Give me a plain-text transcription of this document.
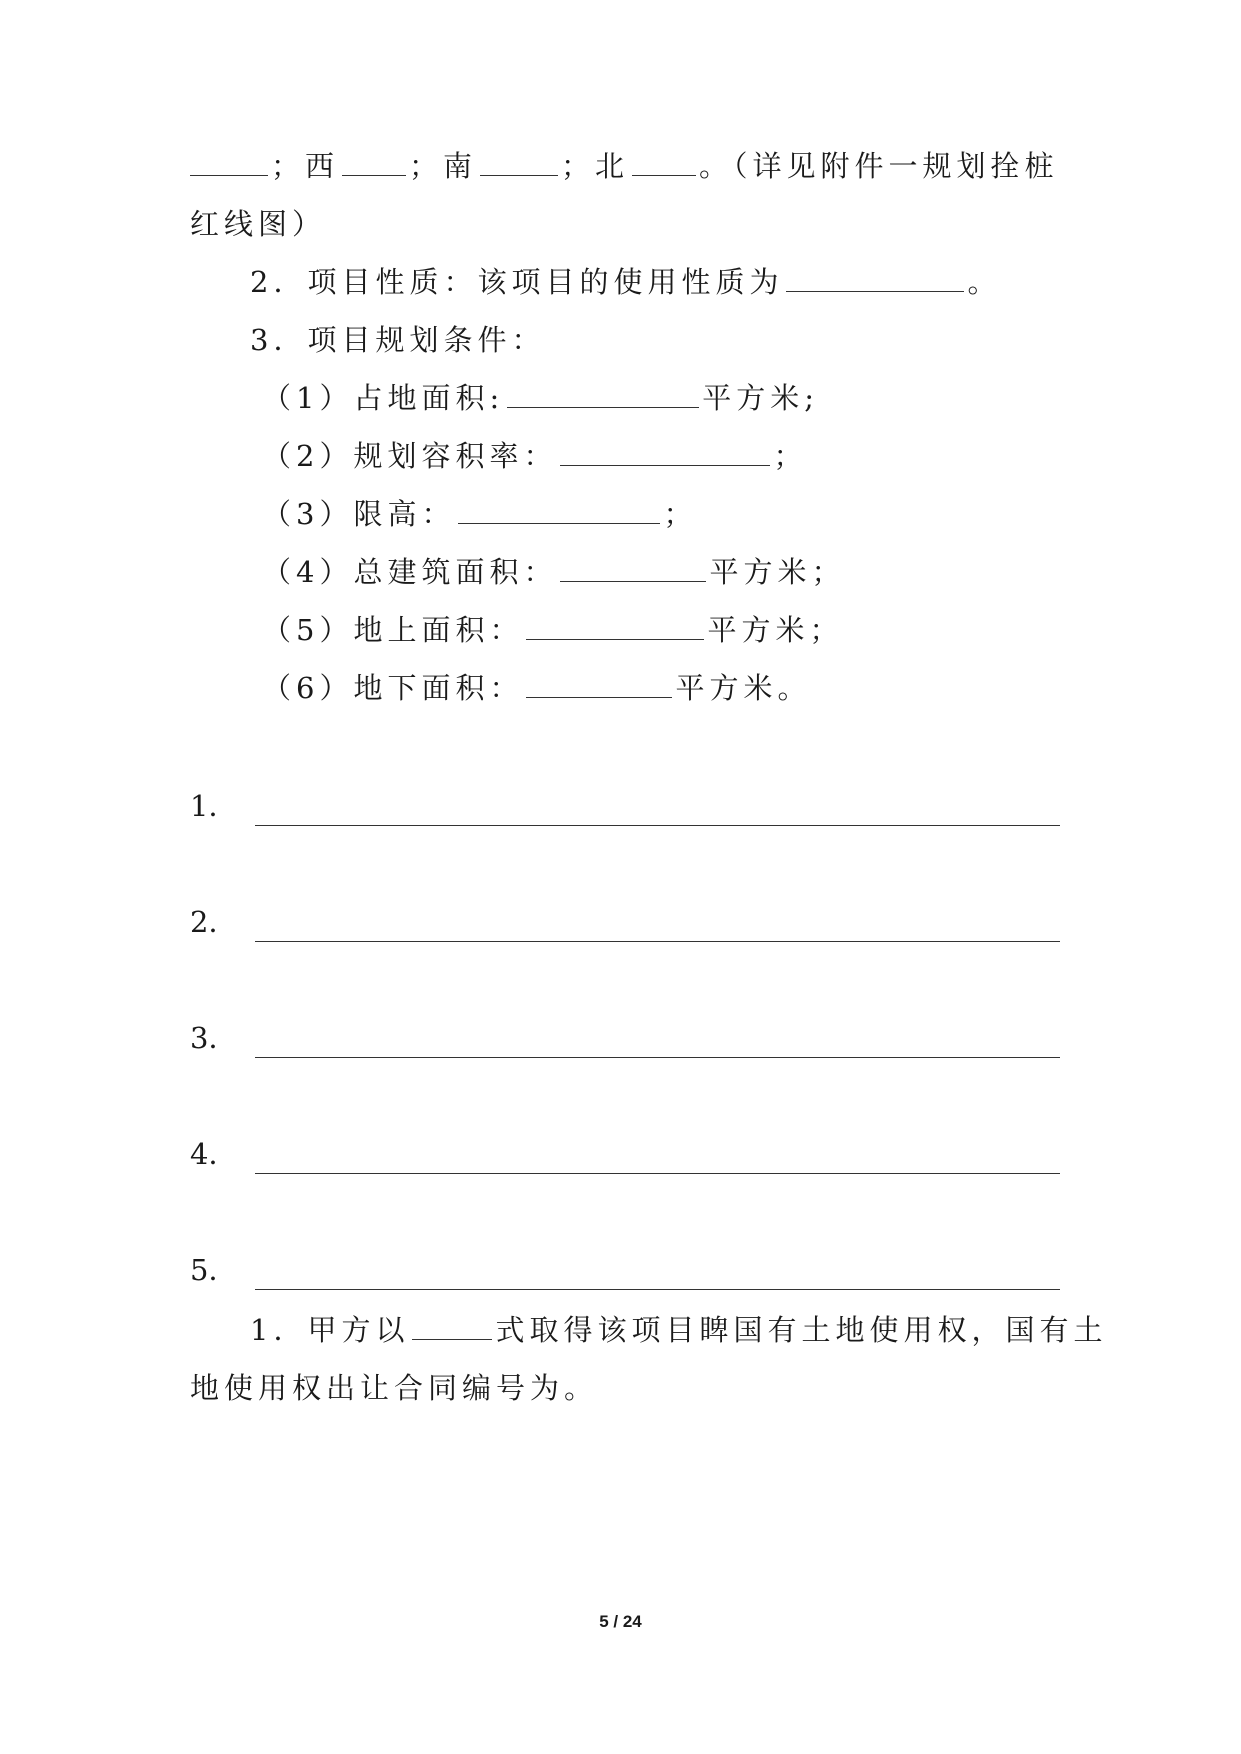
；西 ；南	；北 。（详见附件一规划拴桩
红线图）
2．项目性质：该项目的使用性质为	。
3．项目规划条件：
（1）占地面积:	平方米;
（2）规划容积率：	；
（3）限高：	；
（4）总建筑面积：	平方米；
（5）地上面积：	平方米；
（6）地下面积：	平方米。
1．
2．
3．
4．
5．
1．甲方以	式取得该项目睥国有土地使用权，国有土
地使用权出让合同编号为。
5 / 24
